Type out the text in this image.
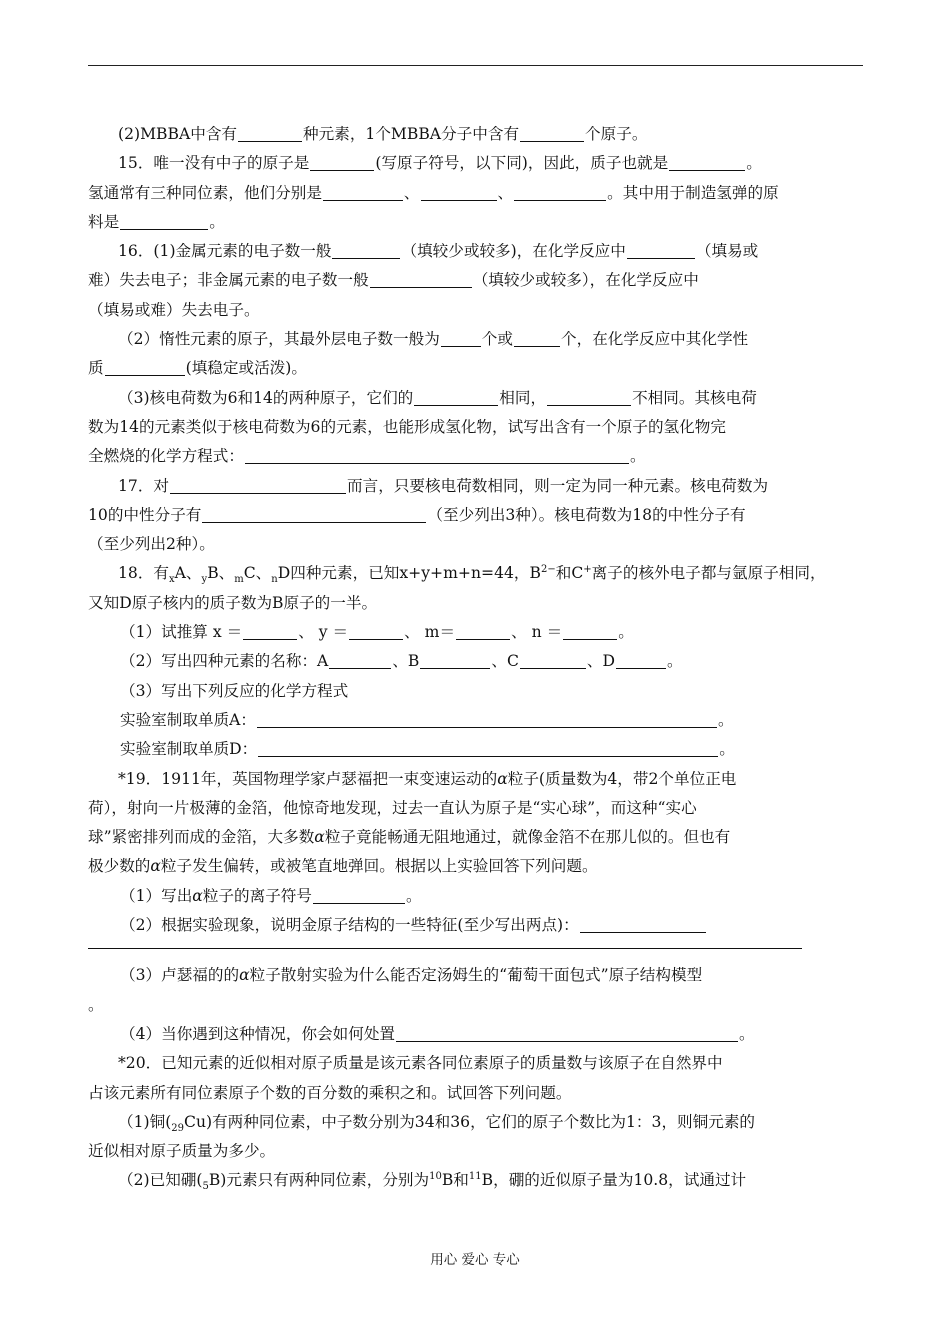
(2)MBBA中含有	种元素，1个MBBA分子中含有	个原子。

15．唯一没有中子的原子是	(写原子符号，以下同)，因此，质子也就是	。

氢通常有三种同位素，他们分别是	、	、	。其中用于制造氢弹的原

料是	。

16．(1)金属元素的电子数一般	（填较少或较多)，在化学反应中	（填易或

难）失去电子；非金属元素的电子数一般	（填较少或较多），在化学反应中

（填易或难）失去电子。

（2）惰性元素的原子，其最外层电子数一般为	个或	个，在化学反应中其化学性

质	(填稳定或活泼)。

（3)核电荷数为6和14的两种原子，它们的	相同，	不相同。其核电荷

数为14的元素类似于核电荷数为6的元素，也能形成氢化物，试写出含有一个原子的氢化物完

全燃烧的化学方程式：	。

17．对	而言，只要核电荷数相同，则一定为同一种元素。核电荷数为

10的中性分子有	（至少列出3种）。核电荷数为18的中性分子有

（至少列出2种）。

18．有$_x$A、$_y$B、$_m$C、$_n$D四种元素，已知x+y+m+n=44，$B^{2-}$和C+离子的核外电子都与氩原子相同，

又知D原子核内的质子数为B原子的一半。

（1）试推算 x ＝	、 y ＝	、 m＝	、 n ＝	。

（2）写出四种元素的名称：A	、B	、C	、D	。

（3）写出下列反应的化学方程式

实验室制取单质A：	。

实验室制取单质D：	。

*19．1911年，英国物理学家卢瑟福把一束变速运动的α粒子(质量数为4，带2个单位正电

荷），射向一片极薄的金箔，他惊奇地发现，过去一直认为原子是“实心球”，而这种“实心

球”紧密排列而成的金箔，大多数α粒子竟能畅通无阻地通过，就像金箔不在那儿似的。但也有

极少数的α粒子发生偏转，或被笔直地弹回。根据以上实验回答下列问题。

（1）写出α粒子的离子符号	。

（2）根据实验现象，说明金原子结构的一些特征(至少写出两点)：

（3）卢瑟福的的α粒子散射实验为什么能否定汤姆生的“葡萄干面包式”原子结构模型

。

（4）当你遇到这种情况，你会如何处置	。

*20．已知元素的近似相对原子质量是该元素各同位素原子的质量数与该原子在自然界中

占该元素所有同位素原子个数的百分数的乘积之和。试回答下列问题。

（1)铜$(_{29}Cu)$有两种同位素，中子数分别为34和36，它们的原子个数比为1：3，则铜元素的

近似相对原子质量为多少。

（2)已知硼$(_5B)$元素只有两种同位素，分别为$^{10}$B和$^{11}$B，硼的近似原子量为10.8，试通过计

用心 爱心 专心
